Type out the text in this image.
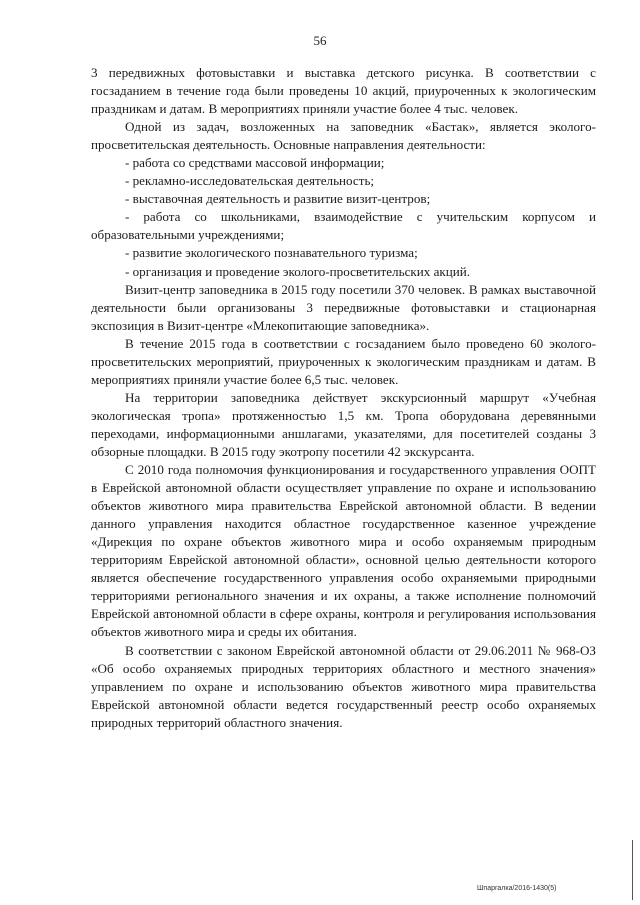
56

3 передвижных фотовыставки и выставка детского рисунка. В соответствии с госзаданием в течение года были проведены 10 акций, приуроченных к экологическим праздникам и датам. В мероприятиях приняли участие более 4 тыс. человек.

Одной из задач, возложенных на заповедник «Бастак», является эколого-просветительская деятельность. Основные направления деятельности:

- работа со средствами массовой информации;

- рекламно-исследовательская деятельность;

- выставочная деятельность и развитие визит-центров;

- работа со школьниками, взаимодействие с учительским корпусом и образовательными учреждениями;

- развитие экологического познавательного туризма;

- организация и проведение эколого-просветительских акций.

Визит-центр заповедника в 2015 году посетили 370 человек. В рамках выставочной деятельности были организованы 3 передвижные фотовыставки и стационарная экспозиция в Визит-центре «Млекопитающие заповедника».

В течение 2015 года в соответствии с госзаданием было проведено 60 эколого-просветительских мероприятий, приуроченных к экологическим праздникам и датам. В мероприятиях приняли участие более 6,5 тыс. человек.

На территории заповедника действует экскурсионный маршрут «Учебная экологическая тропа» протяженностью 1,5 км. Тропа оборудована деревянными переходами, информационными аншлагами, указателями, для посетителей созданы 3 обзорные площадки. В 2015 году экотропу посетили 42 экскурсанта.

С 2010 года полномочия функционирования и государственного управления ООПТ в Еврейской автономной области осуществляет управление по охране и использованию объектов животного мира правительства Еврейской автономной области. В ведении данного управления находится областное государственное казенное учреждение «Дирекция по охране объектов животного мира и особо охраняемым природным территориям Еврейской автономной области», основной целью деятельности которого является обеспечение государственного управления особо охраняемыми природными территориями регионального значения и их охраны, а также исполнение полномочий Еврейской автономной области в сфере охраны, контроля и регулирования использования объектов животного мира и среды их обитания.

В соответствии с законом Еврейской автономной области от 29.06.2011 № 968-ОЗ «Об особо охраняемых природных территориях областного и местного значения» управлением по охране и использованию объектов животного мира правительства Еврейской автономной области ведется государственный реестр особо охраняемых природных территорий областного значения.

Шпаргалка/2016-1430(5)
